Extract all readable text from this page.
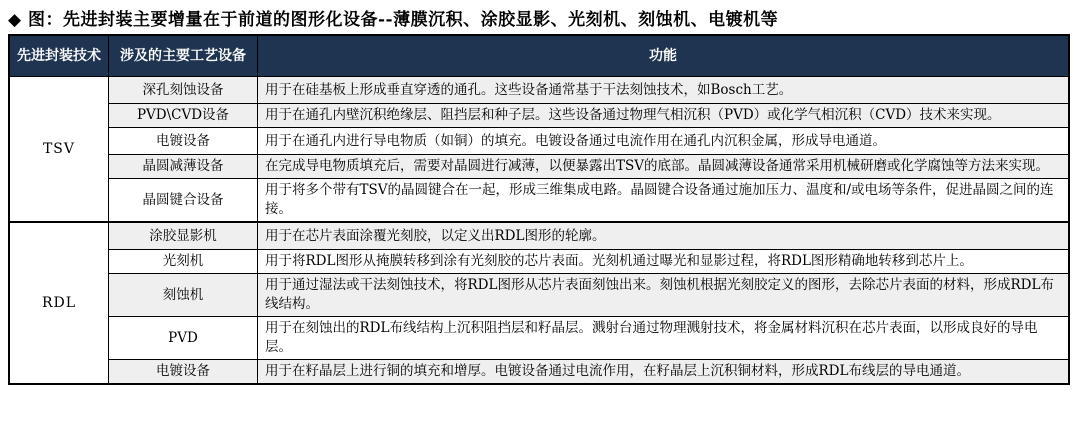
◆ 图：先进封装主要增量在于前道的图形化设备--薄膜沉积、涂胶显影、光刻机、刻蚀机、电镀机等
先进封装技术	涉及的主要工艺设备	功能
TSV	深孔刻蚀设备	用于在硅基板上形成垂直穿透的通孔。这些设备通常基于干法刻蚀技术，如Bosch工艺。
	PVD\CVD设备	用于在通孔内壁沉积绝缘层、阻挡层和种子层。这些设备通过物理气相沉积（PVD）或化学气相沉积（CVD）技术来实现。
	电镀设备	用于在通孔内进行导电物质（如铜）的填充。电镀设备通过电流作用在通孔内沉积金属，形成导电通道。
	晶圆减薄设备	在完成导电物质填充后，需要对晶圆进行减薄，以便暴露出TSV的底部。晶圆减薄设备通常采用机械研磨或化学腐蚀等方法来实现。
	晶圆键合设备	用于将多个带有TSV的晶圆键合在一起，形成三维集成电路。晶圆键合设备通过施加压力、温度和/或电场等条件，促进晶圆之间的连接。
RDL	涂胶显影机	用于在芯片表面涂覆光刻胶，以定义出RDL图形的轮廓。
	光刻机	用于将RDL图形从掩膜转移到涂有光刻胶的芯片表面。光刻机通过曝光和显影过程，将RDL图形精确地转移到芯片上。
	刻蚀机	用于通过湿法或干法刻蚀技术，将RDL图形从芯片表面刻蚀出来。刻蚀机根据光刻胶定义的图形，去除芯片表面的材料，形成RDL布线结构。
	PVD	用于在刻蚀出的RDL布线结构上沉积阻挡层和籽晶层。溅射台通过物理溅射技术，将金属材料沉积在芯片表面，以形成良好的导电层。
	电镀设备	用于在籽晶层上进行铜的填充和增厚。电镀设备通过电流作用，在籽晶层上沉积铜材料，形成RDL布线层的导电通道。
